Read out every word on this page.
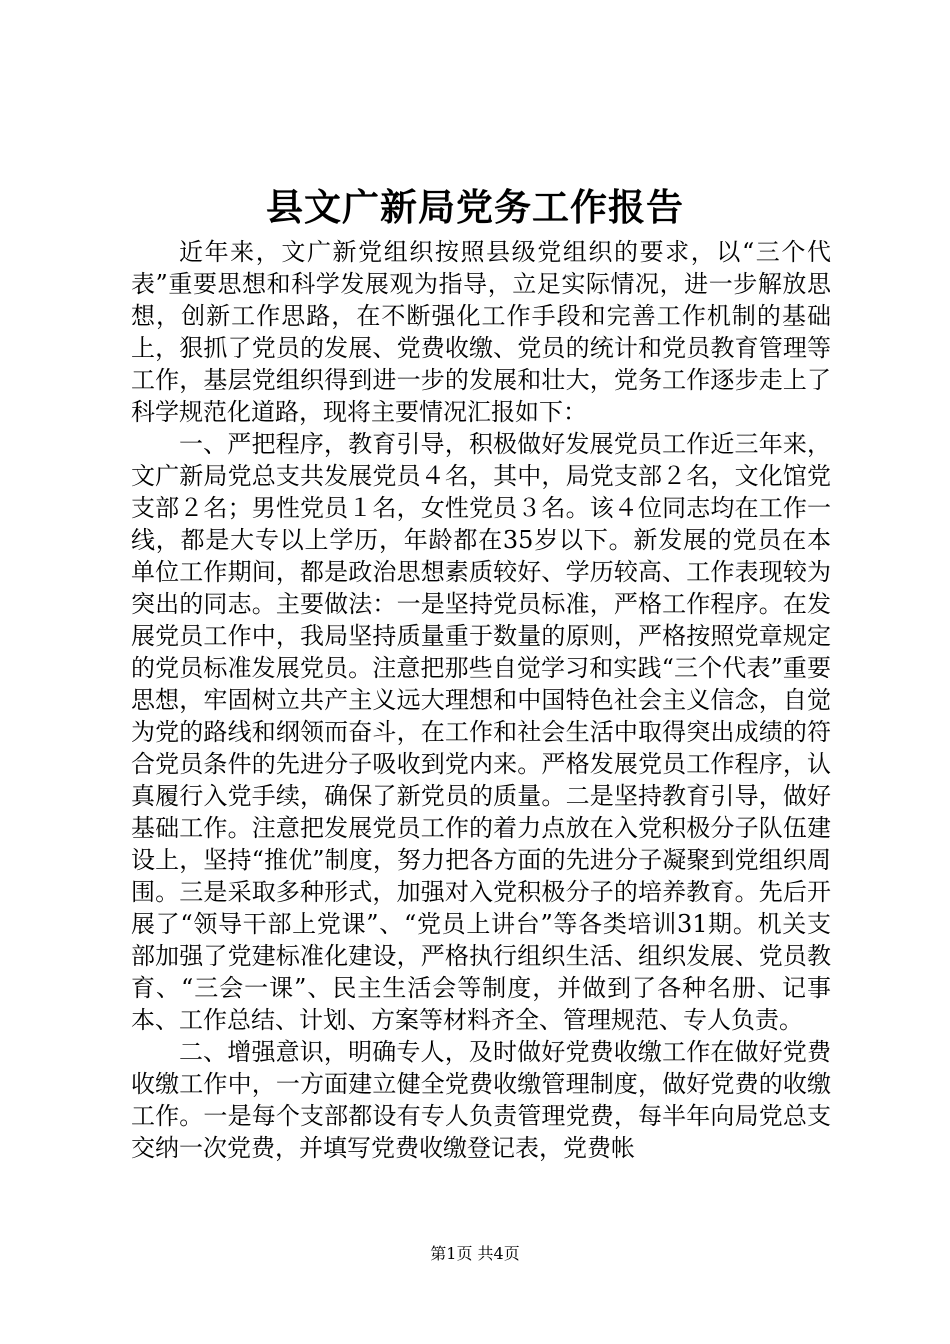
县文广新局党务工作报告

近年来，文广新党组织按照县级党组织的要求，以“三个代表”重要思想和科学发展观为指导，立足实际情况，进一步解放思想，创新工作思路，在不断强化工作手段和完善工作机制的基础上，狠抓了党员的发展、党费收缴、党员的统计和党员教育管理等工作，基层党组织得到进一步的发展和壮大，党务工作逐步走上了科学规范化道路，现将主要情况汇报如下：

一、严把程序，教育引导，积极做好发展党员工作近三年来，文广新局党总支共发展党员４名，其中，局党支部２名，文化馆党支部２名；男性党员１名，女性党员３名。该４位同志均在工作一线，都是大专以上学历，年龄都在35岁以下。新发展的党员在本单位工作期间，都是政治思想素质较好、学历较高、工作表现较为突出的同志。主要做法：一是坚持党员标准，严格工作程序。在发展党员工作中，我局坚持质量重于数量的原则，严格按照党章规定的党员标准发展党员。注意把那些自觉学习和实践“三个代表”重要思想，牢固树立共产主义远大理想和中国特色社会主义信念，自觉为党的路线和纲领而奋斗，在工作和社会生活中取得突出成绩的符合党员条件的先进分子吸收到党内来。严格发展党员工作程序，认真履行入党手续，确保了新党员的质量。二是坚持教育引导，做好基础工作。注意把发展党员工作的着力点放在入党积极分子队伍建设上，坚持“推优”制度，努力把各方面的先进分子凝聚到党组织周围。三是采取多种形式，加强对入党积极分子的培养教育。先后开展了“领导干部上党课”、“党员上讲台”等各类培训31期。机关支部加强了党建标准化建设，严格执行组织生活、组织发展、党员教育、“三会一课”、民主生活会等制度，并做到了各种名册、记事本、工作总结、计划、方案等材料齐全、管理规范、专人负责。

二、增强意识，明确专人，及时做好党费收缴工作在做好党费收缴工作中，一方面建立健全党费收缴管理制度，做好党费的收缴工作。一是每个支部都设有专人负责管理党费，每半年向局党总支交纳一次党费，并填写党费收缴登记表，党费帐

第1页 共4页
